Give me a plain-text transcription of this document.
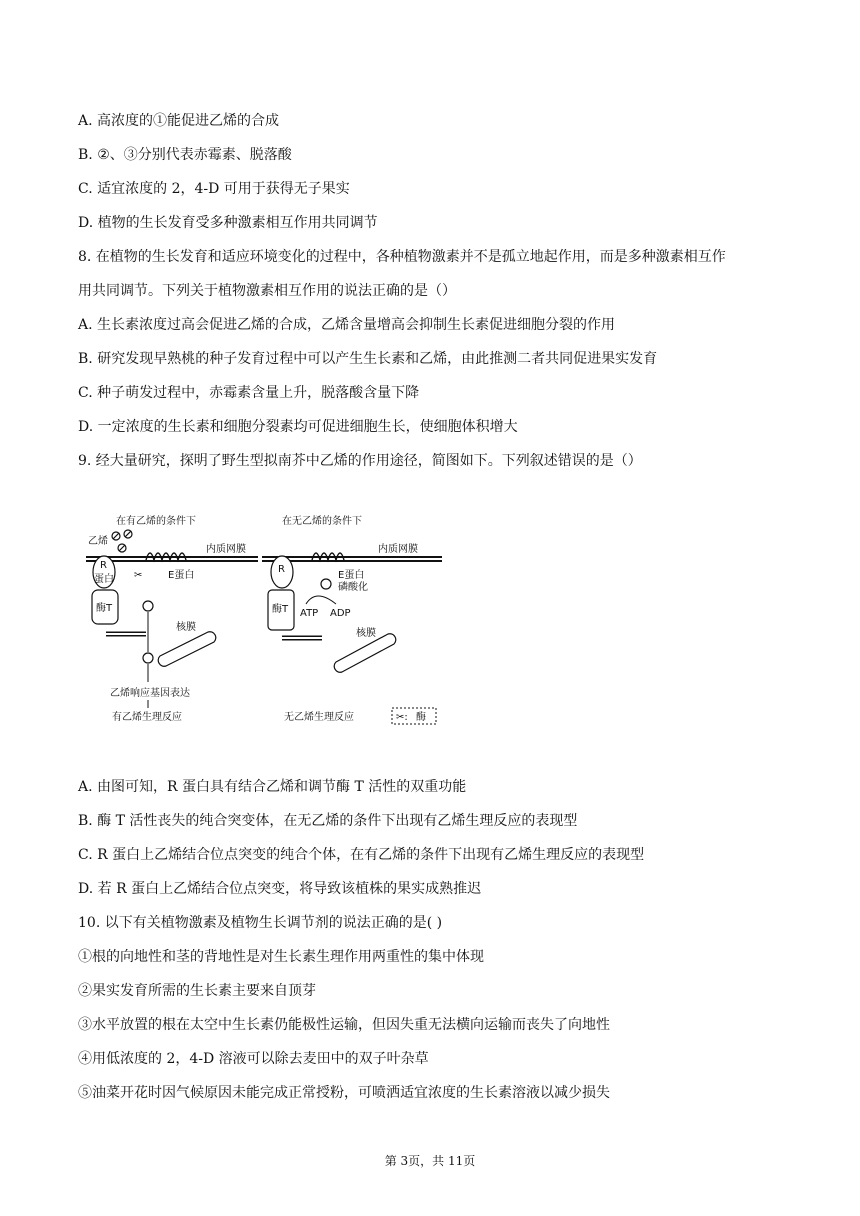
A. 高浓度的①能促进乙烯的合成
B. ②、③分别代表赤霉素、脱落酸
C. 适宜浓度的 2，4-D 可用于获得无子果实
D. 植物的生长发育受多种激素相互作用共同调节
8. 在植物的生长发育和适应环境变化的过程中，各种植物激素并不是孤立地起作用，而是多种激素相互作
用共同调节。下列关于植物激素相互作用的说法正确的是（）
A. 生长素浓度过高会促进乙烯的合成，乙烯含量增高会抑制生长素促进细胞分裂的作用
B. 研究发现早熟桃的种子发育过程中可以产生生长素和乙烯，由此推测二者共同促进果实发育
C. 种子萌发过程中，赤霉素含量上升，脱落酸含量下降
D. 一定浓度的生长素和细胞分裂素均可促进细胞生长，使细胞体积增大
9. 经大量研究，探明了野生型拟南芥中乙烯的作用途径，简图如下。下列叙述错误的是（）
在有乙烯的条件下
乙烯
内质网膜
E蛋白
✂
R
蛋白
酶T
核膜
乙烯响应基因表达
有乙烯生理反应
在无乙烯的条件下
内质网膜
R
E蛋白
磷酸化
酶T ATP ADP
核膜
无乙烯生理反应	✂: 酶
A. 由图可知，R 蛋白具有结合乙烯和调节酶 T 活性的双重功能
B. 酶 T 活性丧失的纯合突变体，在无乙烯的条件下出现有乙烯生理反应的表现型
C. R 蛋白上乙烯结合位点突变的纯合个体，在有乙烯的条件下出现有乙烯生理反应的表现型
D. 若 R 蛋白上乙烯结合位点突变，将导致该植株的果实成熟推迟
10. 以下有关植物激素及植物生长调节剂的说法正确的是( )
①根的向地性和茎的背地性是对生长素生理作用两重性的集中体现
②果实发育所需的生长素主要来自顶芽
③水平放置的根在太空中生长素仍能极性运输，但因失重无法横向运输而丧失了向地性
④用低浓度的 2，4-D 溶液可以除去麦田中的双子叶杂草
⑤油菜开花时因气候原因未能完成正常授粉，可喷洒适宜浓度的生长素溶液以减少损失
第 3页，共 11页
